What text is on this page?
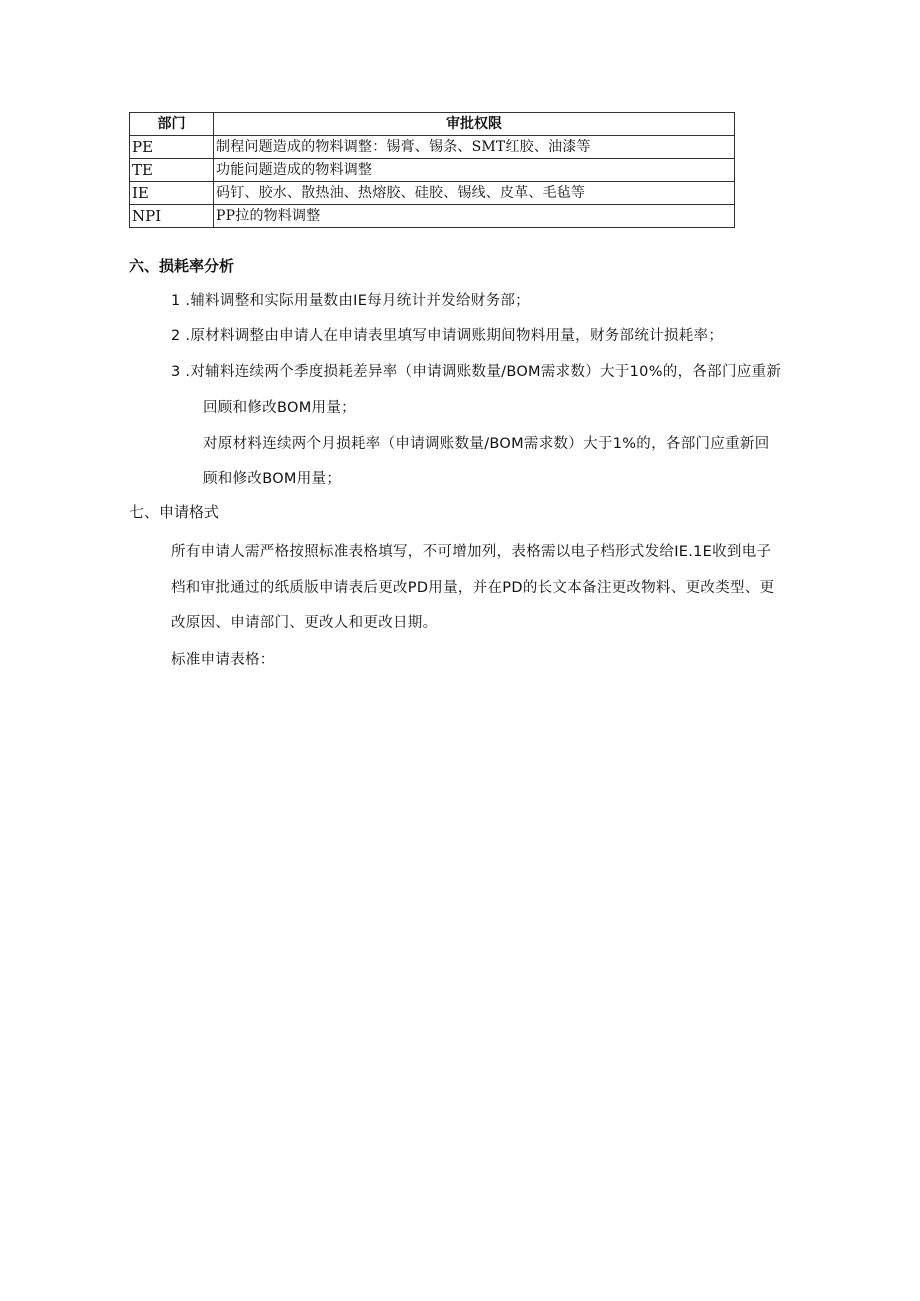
部门	审批权限
PE	制程问题造成的物料调整：锡膏、锡条、SMT红胶、油漆等
TE	功能问题造成的物料调整
IE	码钉、胶水、散热油、热熔胶、硅胶、锡线、皮革、毛毡等
NPI	PP拉的物料调整
六、损耗率分析
1 .辅料调整和实际用量数由IE每月统计并发给财务部；
2 .原材料调整由申请人在申请表里填写申请调账期间物料用量，财务部统计损耗率；
3 .对辅料连续两个季度损耗差异率（申请调账数量/BOM需求数）大于10%的，各部门应重新
回顾和修改BOM用量；
对原材料连续两个月损耗率（申请调账数量/BOM需求数）大于1%的，各部门应重新回
顾和修改BOM用量；
七、申请格式
所有申请人需严格按照标准表格填写，不可增加列，表格需以电子档形式发给IE.1E收到电子
档和审批通过的纸质版申请表后更改PD用量，并在PD的长文本备注更改物料、更改类型、更
改原因、申请部门、更改人和更改日期。
标准申请表格：
